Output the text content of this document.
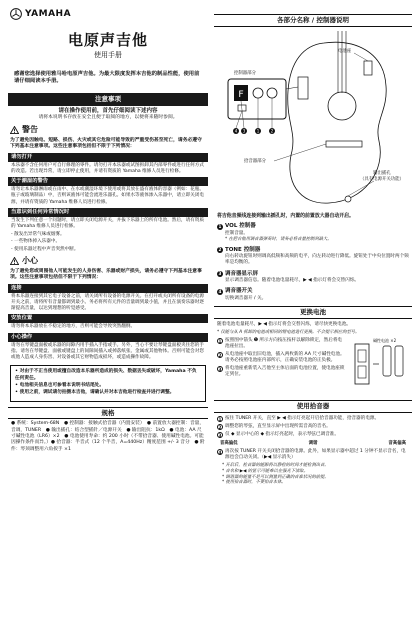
YAMAHA
电原声吉他
使用手册
感谢您选择使用雅马哈电原声吉他。为最大限度发挥本吉他的制品性能，使用前请仔细阅读本手册。
注意事项
请在操作使用前，首先仔细阅读下述内容
请将本说明书存放在安全且便于取阅的地方，以便将来随时参阅。
警告
为了避免因触电、短路、损伤、火灾或其它危险可能导致的严重受伤甚至死亡，请务必遵守下列基本注意事项。这些注意事项包括但不限于下列情况：
请勿打开
本乐器不含任何用户可自行修理的零件。请勿打开本乐器或试图拆卸其内部零件或进行任何方式的改造。若出现异常，请立即停止使用，并请有资质的 Yamaha 维修人员进行检修。
关于潮湿的警告
请勿让本乐器淋雨或在雨中、在水或潮湿环境下使用或将其放在盛有液体的容器（例如：花瓶、瓶子或玻璃制品）中，否则该液体可能会流进乐器孔。如果水等液体渗入乐器中，请立即关闭电源，并请有资质的 Yamaha 维修人员进行检修。
当意识到任何异常情况时
当发生下列任意一个问题时，请立即关闭电源开关，并拔下乐器上的所有电池。然后，请有资质的 Yamaha 维修人员进行检修。
- 散发出异常气味或烟雾。
- 一些物体掉入乐器中。
- 使用乐器过程中声音突然中断。
小心
为了避免您或周围他人可能发生的人身伤害、乐器或财产损失，请务必遵守下列基本注意事项。这些注意事项包括但不限于下列情况：
连接
将本乐器连接到其它电子设备之前，请关闭所有设备的电源开关。在打开或关闭所有设备的电源开关之前，请将所有音量都调到最小。务必将所有元件的音量调到最小值，并且在演奏乐器时逐渐提高音量，以达到理想的听觉感受。
安放位置
请勿将本乐器放在不稳定的地方，否则可能会导致突然翻倒。
小心操作
请勿在琴键盘面板或乐器的间隙内用手插入手指或手。另外，当心不要让琴键盘面板夹住您的手指。请勿在琴键盘、面板或键盘上的间隙间插入或掉落纸张、金属或其他物体。否则可能会对您或他人造成人身伤害、对设备或其它财物造成损坏，或造成操作故障。
• 对由于不正当使用或擅自改造本乐器所造成的损失、数据丢失或破坏，Yamaha 不负任何责任。
• 电池相关信息也可参看本说明书结尾处。
• 使用之前，调试请勿拍摄本吉他，请确认并对本吉他进行检查并进行调整。
规格
● 系统：System-68N　● 控制器：接触式拾音器（内置安装）　● 前置放大器控制：音量，音调，TUNER　● 输出插孔：结合型插针／电源开关　● 输出阻抗：1kΩ　● 电池：AA 尺寸碱性电池（LR6）×2　● 电池使用寿命：约 200 小时（不带拾音器、使用碱性电池。可能因操作条件而异。）● 拾音器：半音式（12 个半音，A=440Hz）精度范围 +/- 3 音分　● 附件：琴颈调整用六角扳手 ×1
各部分名称 / 控制器说明
F
4 3	1	2
电池座
控制器部分
拾音器部分
输出插孔
（具有电源开关功能）
将吉他音频线连接到输出插孔时，内置的前置放大器自动开启。
1 VOL 控制器
控制音量。
* 在把吉他用调音器弹奏时，请务必将音量控制到最大。
2 TONE 控制器
向右转动旋钮时则调高低频和高频的电平，向左转动进行降低。旋钮处于中央位置时两个频率是均衡的。
3 调音器显示屏
显示调音器信息。随着电池电量耗尽，▶ ◀ 指示灯将会交替闪烁。
4 调音器开关
切换调音器开 / 关。
更换电池
随着电池电量耗尽，▶ ◀ 指示灯将会交替闪烁，请尽快更换电池。
* 仅能与从 A 拆卸的电池或相同的锂电池进行更换。不会提示相应的型号。
1 按照图中箭头 ➊ 所示方向按压按杆以解除锁定，然后将电池座拉出。
2 从电池座中取出旧电池，插入两枚新的 AA 尺寸碱性电池。请务必按照电池座内部所示，正确安装电池的正负极。
3 将电池座重新装入吉他至主体后面的电池位置，使电池座锁定到位。
碱性电池 ×2
使用拾音器
1 按住 TUNER 开关，直至 ▶ ◀ 指示灯亮起开启拾音器功能，拾音器的电源。
2 调整您的琴弦，直至显示屏中出现所需音高的音名。
3 仅 ◆ 显示中心的 ◆ 指示灯亮起时，表示琴弦已调音准。
音高偏低	调谐	音高偏高
4 再次按 TUNER 开关关闭拾音器的电源。此外，如果显示器中超过 1 分钟不显示音名，电源也会自动关闭。（▶◀ 显示消失）
* 开启后，检音器的能源将以静检的时间才能检测出音。
* 音名和 ▶◀ 的显示可能难以在强光下读取。
* 调谐器的能量不是可以测量到正确的音准状况的前提。
* 使用拾音器时，不要拍音本体。
